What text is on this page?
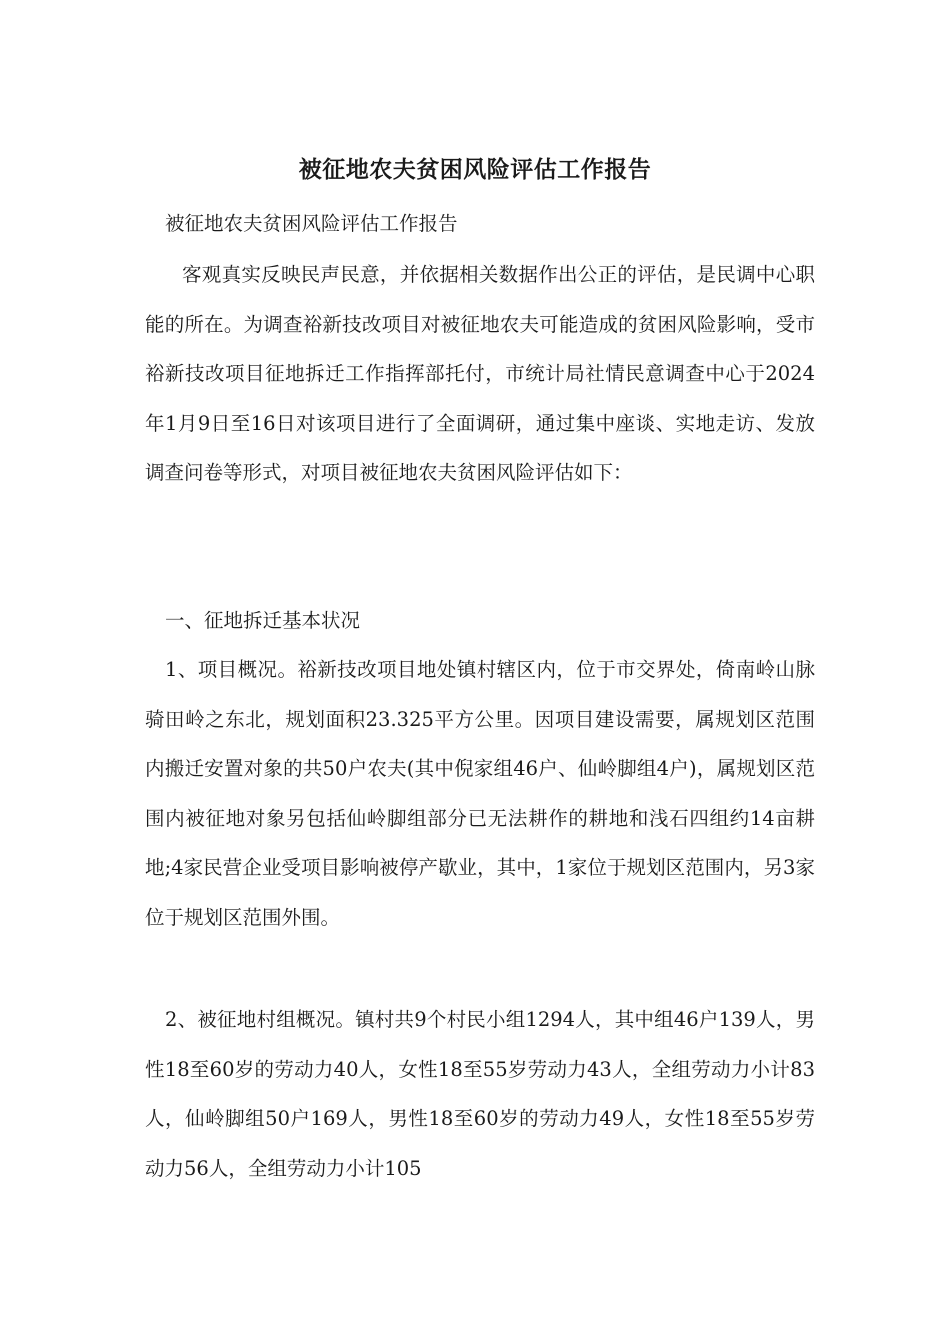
被征地农夫贫困风险评估工作报告
被征地农夫贫困风险评估工作报告
客观真实反映民声民意，并依据相关数据作出公正的评估，是民调中心职能的所在。为调查裕新技改项目对被征地农夫可能造成的贫困风险影响，受市裕新技改项目征地拆迁工作指挥部托付，市统计局社情民意调查中心于2024年1月9日至16日对该项目进行了全面调研，通过集中座谈、实地走访、发放调查问卷等形式，对项目被征地农夫贫困风险评估如下：
一、征地拆迁基本状况
1、项目概况。裕新技改项目地处镇村辖区内，位于市交界处，倚南岭山脉骑田岭之东北，规划面积23.325平方公里。因项目建设需要，属规划区范围内搬迁安置对象的共50户农夫(其中倪家组46户、仙岭脚组4户)，属规划区范围内被征地对象另包括仙岭脚组部分已无法耕作的耕地和浅石四组约14亩耕地;4家民营企业受项目影响被停产歇业，其中，1家位于规划区范围内，另3家位于规划区范围外围。
2、被征地村组概况。镇村共9个村民小组1294人，其中组46户139人，男性18至60岁的劳动力40人，女性18至55岁劳动力43人，全组劳动力小计83人，仙岭脚组50户169人，男性18至60岁的劳动力49人，女性18至55岁劳动力56人，全组劳动力小计105
